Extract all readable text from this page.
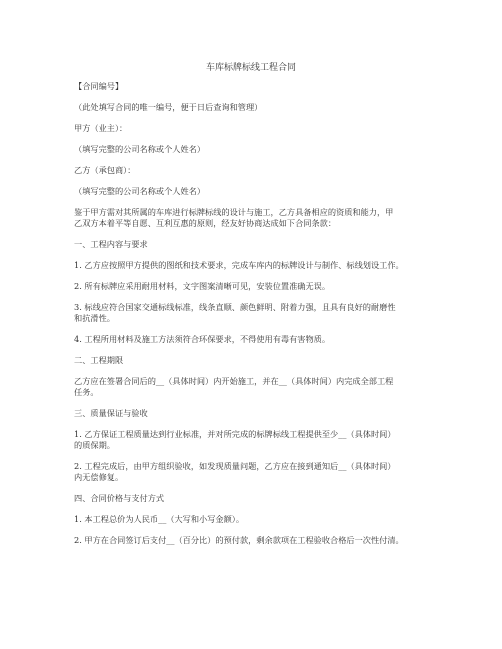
车库标牌标线工程合同

【合同编号】

（此处填写合同的唯一编号，便于日后查询和管理）

甲方（业主）：

（填写完整的公司名称或个人姓名）

乙方（承包商）：

（填写完整的公司名称或个人姓名）

鉴于甲方需对其所属的车库进行标牌标线的设计与施工，乙方具备相应的资质和能力，甲
乙双方本着平等自愿、互利互惠的原则，经友好协商达成如下合同条款：

一、工程内容与要求

1. 乙方应按照甲方提供的图纸和技术要求，完成车库内的标牌设计与制作、标线划设工作。

2. 所有标牌应采用耐用材料，文字图案清晰可见，安装位置准确无误。

3. 标线应符合国家交通标线标准，线条直顺、颜色鲜明、附着力强，且具有良好的耐磨性
和抗滑性。

4. 工程所用材料及施工方法须符合环保要求，不得使用有毒有害物质。

二、工程期限

乙方应在签署合同后的__（具体时间）内开始施工，并在__（具体时间）内完成全部工程
任务。

三、质量保证与验收

1. 乙方保证工程质量达到行业标准，并对所完成的标牌标线工程提供至少__（具体时间）
的质保期。

2. 工程完成后，由甲方组织验收，如发现质量问题，乙方应在接到通知后__（具体时间）
内无偿修复。

四、合同价格与支付方式

1. 本工程总价为人民币__（大写和小写金额）。

2. 甲方在合同签订后支付__（百分比）的预付款，剩余款项在工程验收合格后一次性付清。
